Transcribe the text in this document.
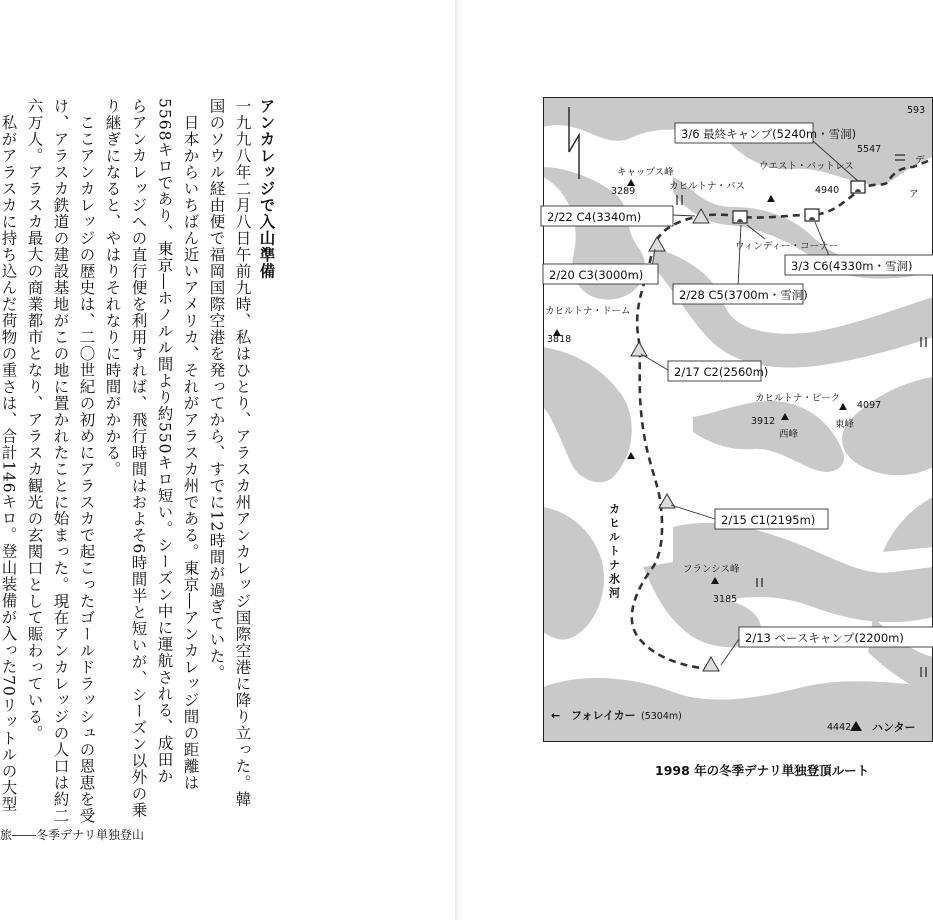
アンカレッジで入山準備
一九九八年二月八日午前九時、私はひとり、アラスカ州アンカレッジ国際空港に降り立った。韓
国のソウル経由便で福岡国際空港を発ってから、すでに12時間が過ぎていた。
　日本からいちばん近いアメリカ、それがアラスカ州である。東京―アンカレッジ間の距離は
5568キロであり、東京―ホノルル間より約550キロ短い。シーズン中に運航される、成田か
らアンカレッジへの直行便を利用すれば、飛行時間はおよそ6時間半と短いが、シーズン以外の乗
り継ぎになると、やはりそれなりに時間がかかる。
　ここアンカレッジの歴史は、二〇世紀の初めにアラスカで起こったゴールドラッシュの恩恵を受
け、アラスカ鉄道の建設基地がこの地に置かれたことに始まった。現在アンカレッジの人口は約二
六万人。アラスカ最大の商業都市となり、アラスカ観光の玄関口として賑わっている。
　私がアラスカに持ち込んだ荷物の重さは、合計146キロ。登山装備が入った70リットルの大型
旅――冬季デナリ単独登山
3/6 最終キャンプ(5240m・雪洞)
2/22 C4(3340m)
2/20 C3(3000m)
3/3 C6(4330m・雪洞)
2/28 C5(3700m・雪洞)
2/17 C2(2560m)
2/15 C1(2195m)
2/13 ベースキャンプ(2200m)
キャップス峰
3289	カヒルトナ・パス
ウエスト・バットレス
4940
ウィンディー・コーナー
カヒルトナ・ドーム
3818
カヒルトナ・ピーク
西峰
3912	東峰
4097
フランシス峰
3185
カヒルトナ氷河
ハンター
4442
フォレイカー (5304m)
←
593
5547
デ
ア
1998 年の冬季デナリ単独登頂ルート
